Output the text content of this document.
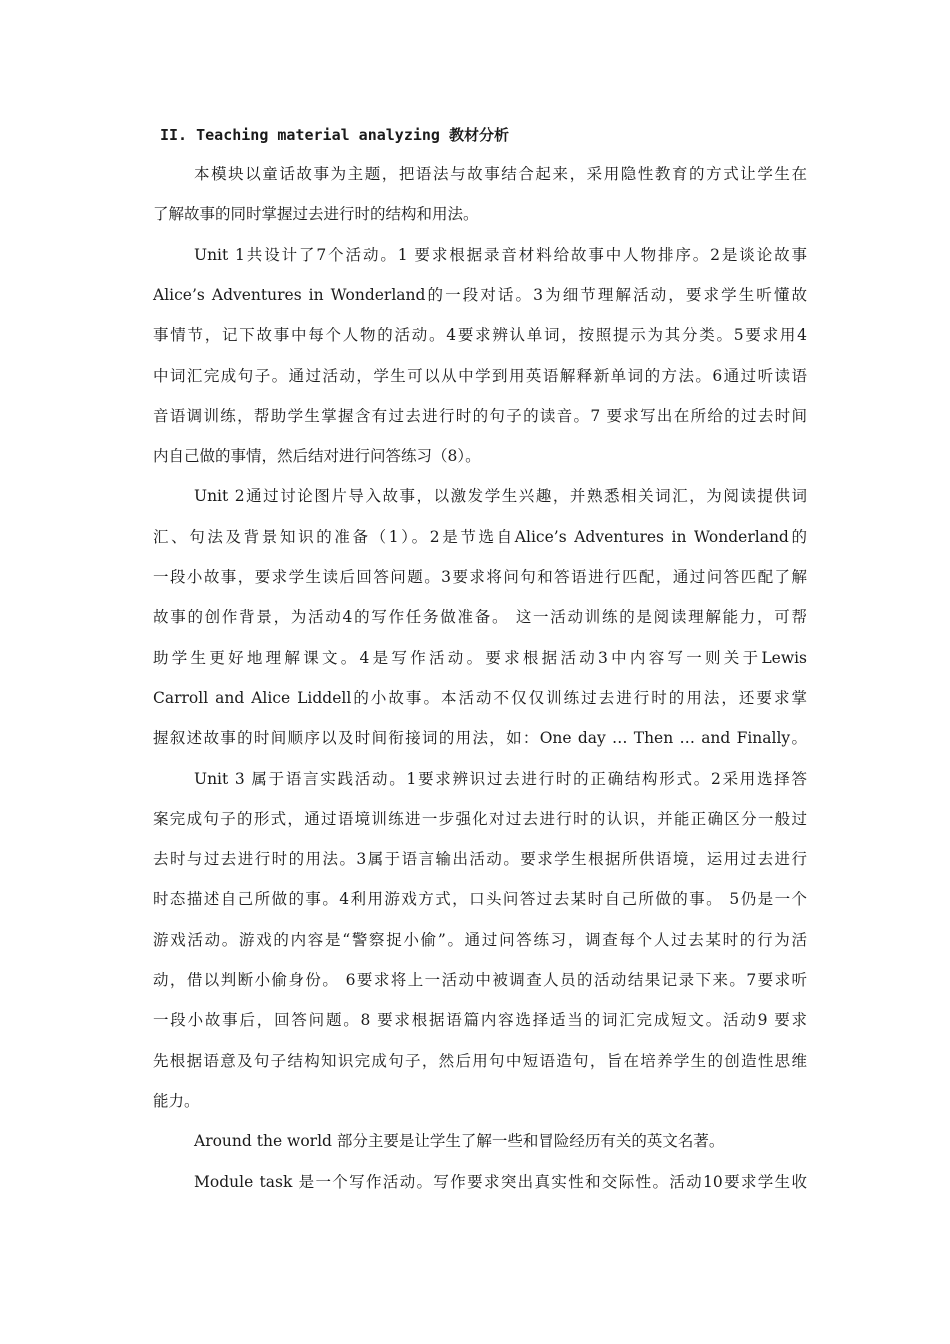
II. Teaching material analyzing 教材分析
本模块以童话故事为主题，把语法与故事结合起来，采用隐性教育的方式让学生在
了解故事的同时掌握过去进行时的结构和用法。
Unit 1共设计了7个活动。1 要求根据录音材料给故事中人物排序。2是谈论故事
Alice’s Adventures in Wonderland的一段对话。3为细节理解活动，要求学生听懂故
事情节，记下故事中每个人物的活动。4要求辨认单词，按照提示为其分类。5要求用4
中词汇完成句子。通过活动，学生可以从中学到用英语解释新单词的方法。6通过听读语
音语调训练，帮助学生掌握含有过去进行时的句子的读音。7 要求写出在所给的过去时间
内自己做的事情，然后结对进行问答练习（8）。
Unit 2通过讨论图片导入故事，以激发学生兴趣，并熟悉相关词汇，为阅读提供词
汇、句法及背景知识的准备（1）。2是节选自Alice’s Adventures in Wonderland的
一段小故事，要求学生读后回答问题。3要求将问句和答语进行匹配，通过问答匹配了解
故事的创作背景，为活动4的写作任务做准备。 这一活动训练的是阅读理解能力，可帮
助学生更好地理解课文。4是写作活动。要求根据活动3中内容写一则关于Lewis
Carroll and Alice Liddell的小故事。本活动不仅仅训练过去进行时的用法，还要求掌
握叙述故事的时间顺序以及时间衔接词的用法，如：One day … Then … and Finally。
Unit 3 属于语言实践活动。1要求辨识过去进行时的正确结构形式。2采用选择答
案完成句子的形式，通过语境训练进一步强化对过去进行时的认识，并能正确区分一般过
去时与过去进行时的用法。3属于语言输出活动。要求学生根据所供语境，运用过去进行
时态描述自己所做的事。4利用游戏方式，口头问答过去某时自己所做的事。 5仍是一个
游戏活动。游戏的内容是“警察捉小偷”。通过问答练习，调查每个人过去某时的行为活
动，借以判断小偷身份。 6要求将上一活动中被调查人员的活动结果记录下来。7要求听
一段小故事后，回答问题。8 要求根据语篇内容选择适当的词汇完成短文。活动9 要求
先根据语意及句子结构知识完成句子，然后用句中短语造句，旨在培养学生的创造性思维
能力。
Around the world 部分主要是让学生了解一些和冒险经历有关的英文名著。
Module task 是一个写作活动。写作要求突出真实性和交际性。活动10要求学生收
